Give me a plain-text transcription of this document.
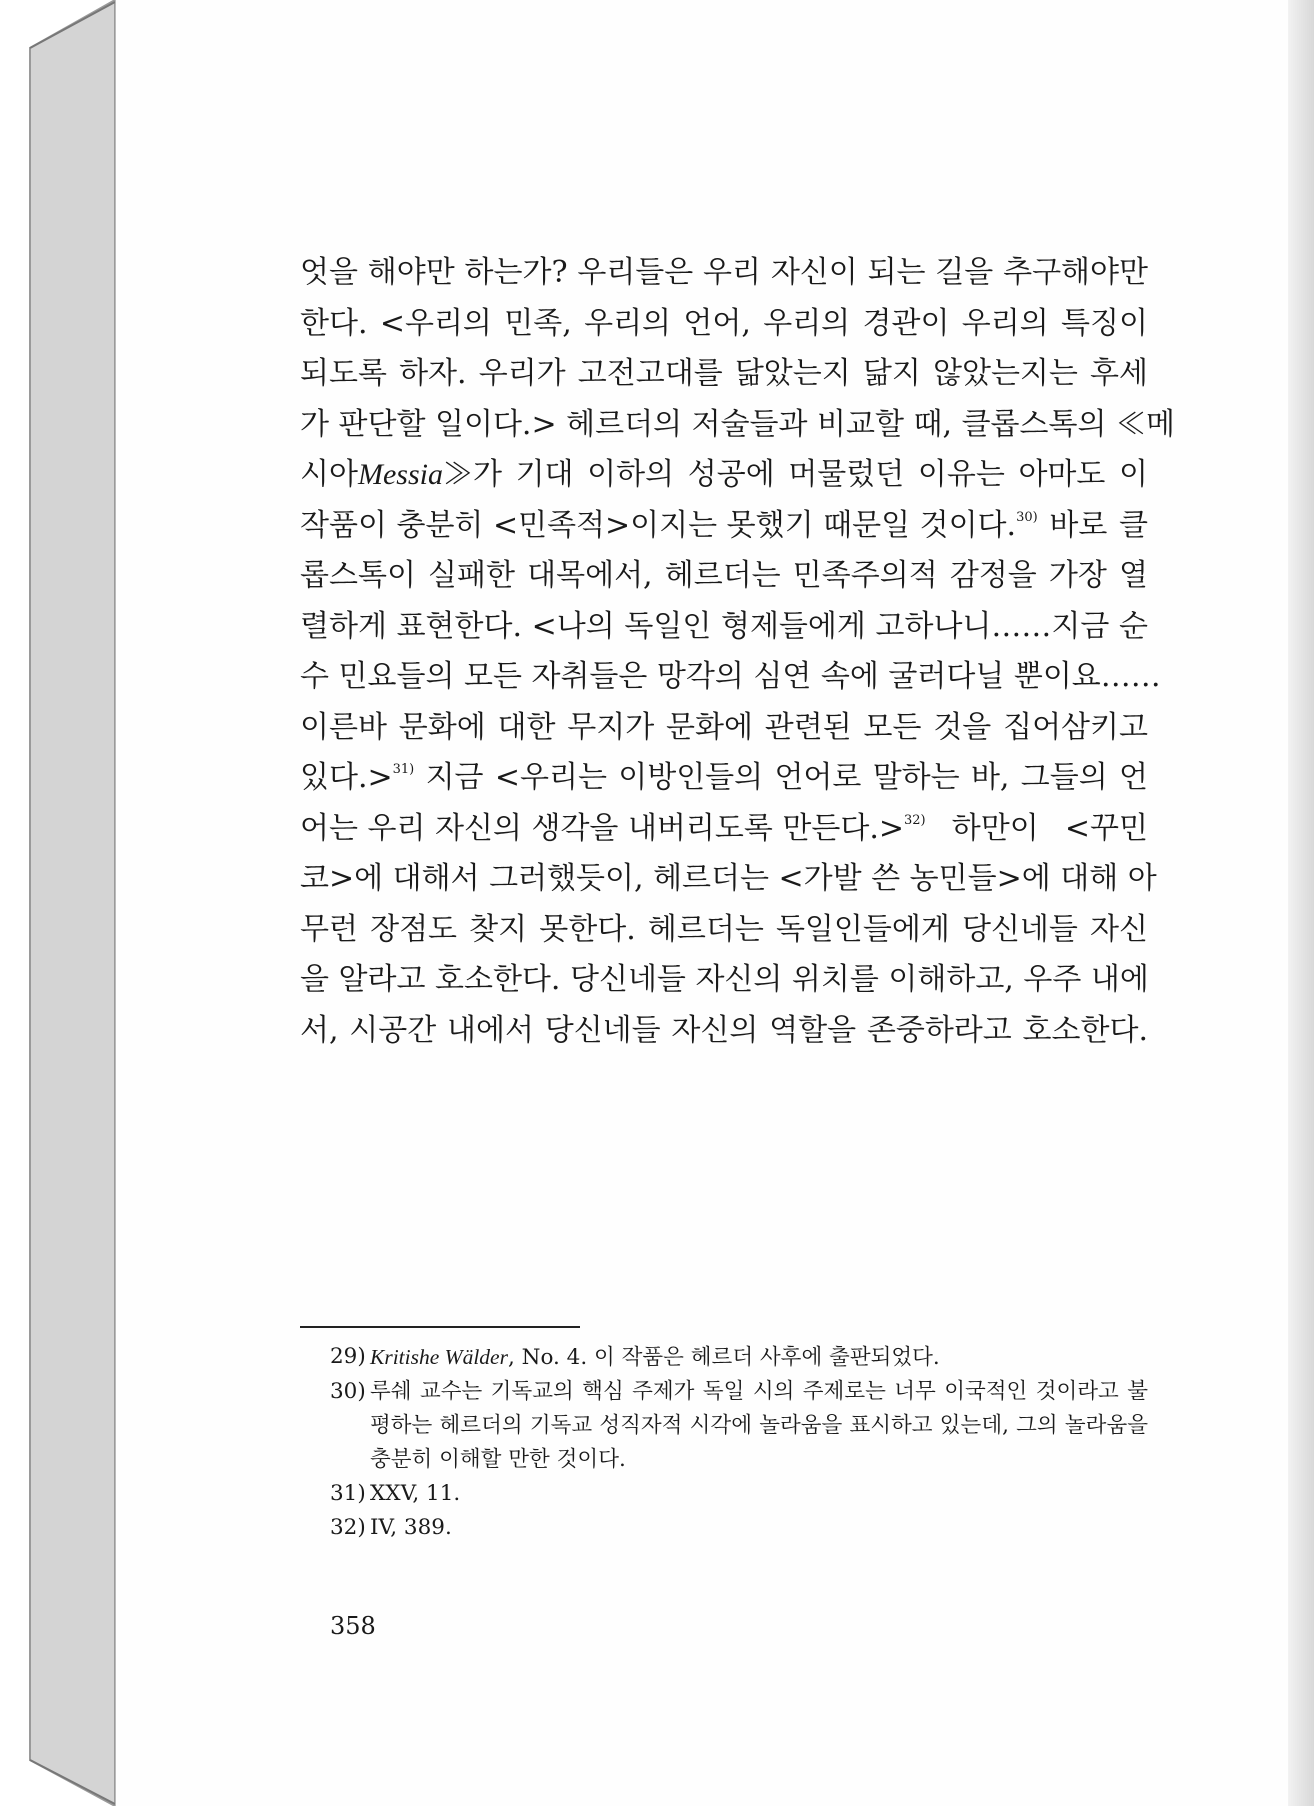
엇을 해야만 하는가? 우리들은 우리 자신이 되는 길을 추구해야만
한다. <우리의 민족, 우리의 언어, 우리의 경관이 우리의 특징이
되도록 하자. 우리가 고전고대를 닮았는지 닮지 않았는지는 후세
가 판단할 일이다.> 헤르더의 저술들과 비교할 때, 클롭스톡의 ≪메
시아 Messia ≫가 기대 이하의 성공에 머물렀던 이유는 아마도 이
작품이 충분히 <민족적>이지는 못했기 때문일 것이다.$^{30)}$ 바로 클
롭스톡이 실패한 대목에서, 헤르더는 민족주의적 감정을 가장 열
렬하게 표현한다. <나의 독일인 형제들에게 고하나니……지금 순
수 민요들의 모든 자취들은 망각의 심연 속에 굴러다닐 뿐이요……
이른바 문화에 대한 무지가 문화에 관련된 모든 것을 집어삼키고
있다.>$^{31)}$ 지금 <우리는 이방인들의 언어로 말하는 바, 그들의 언
어는 우리 자신의 생각을 내버리도록 만든다.>$^{32)}$ 하만이 <꾸민
코>에 대해서 그러했듯이, 헤르더는 <가발 쓴 농민들>에 대해 아
무런 장점도 찾지 못한다. 헤르더는 독일인들에게 당신네들 자신
을 알라고 호소한다. 당신네들 자신의 위치를 이해하고, 우주 내에
서, 시공간 내에서 당신네들 자신의 역할을 존중하라고 호소한다.
29) Kritishe Wälder, No. 4. 이 작품은 헤르더 사후에 출판되었다.
30) 루쉐 교수는 기독교의 핵심 주제가 독일 시의 주제로는 너무 이국적인 것이라고 불평하는 헤르더의 기독교 성직자적 시각에 놀라움을 표시하고 있는데, 그의 놀라움을 충분히 이해할 만한 것이다.
31) XXV, 11.
32) IV, 389.
358
